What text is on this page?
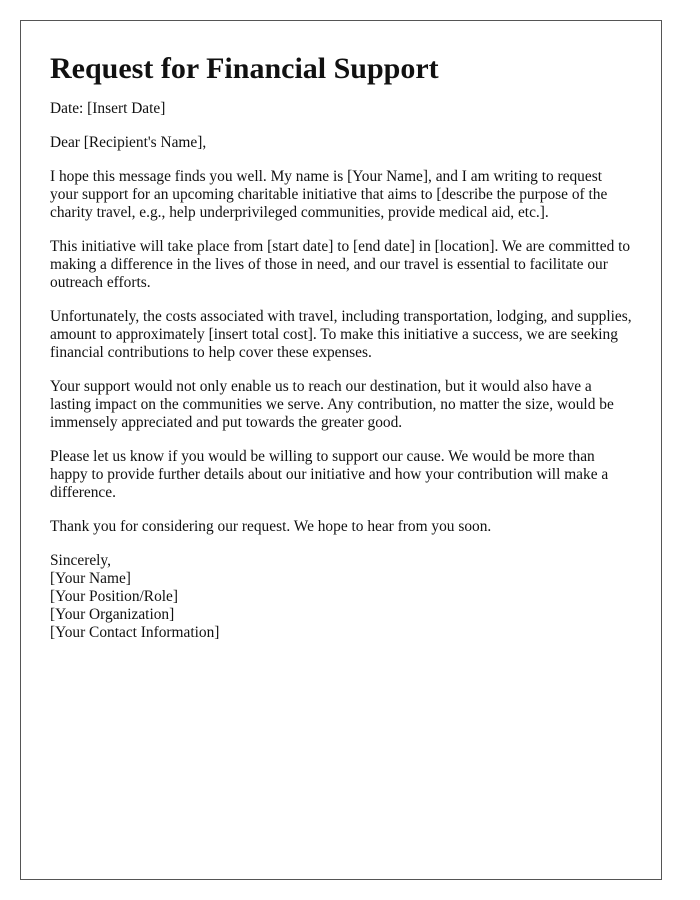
Request for Financial Support

Date: [Insert Date]

Dear [Recipient's Name],

I hope this message finds you well. My name is [Your Name], and I am writing to request your support for an upcoming charitable initiative that aims to [describe the purpose of the charity travel, e.g., help underprivileged communities, provide medical aid, etc.].

This initiative will take place from [start date] to [end date] in [location]. We are committed to making a difference in the lives of those in need, and our travel is essential to facilitate our outreach efforts.

Unfortunately, the costs associated with travel, including transportation, lodging, and supplies, amount to approximately [insert total cost]. To make this initiative a success, we are seeking financial contributions to help cover these expenses.

Your support would not only enable us to reach our destination, but it would also have a lasting impact on the communities we serve. Any contribution, no matter the size, would be immensely appreciated and put towards the greater good.

Please let us know if you would be willing to support our cause. We would be more than happy to provide further details about our initiative and how your contribution will make a difference.

Thank you for considering our request. We hope to hear from you soon.

Sincerely,
[Your Name]
[Your Position/Role]
[Your Organization]
[Your Contact Information]
